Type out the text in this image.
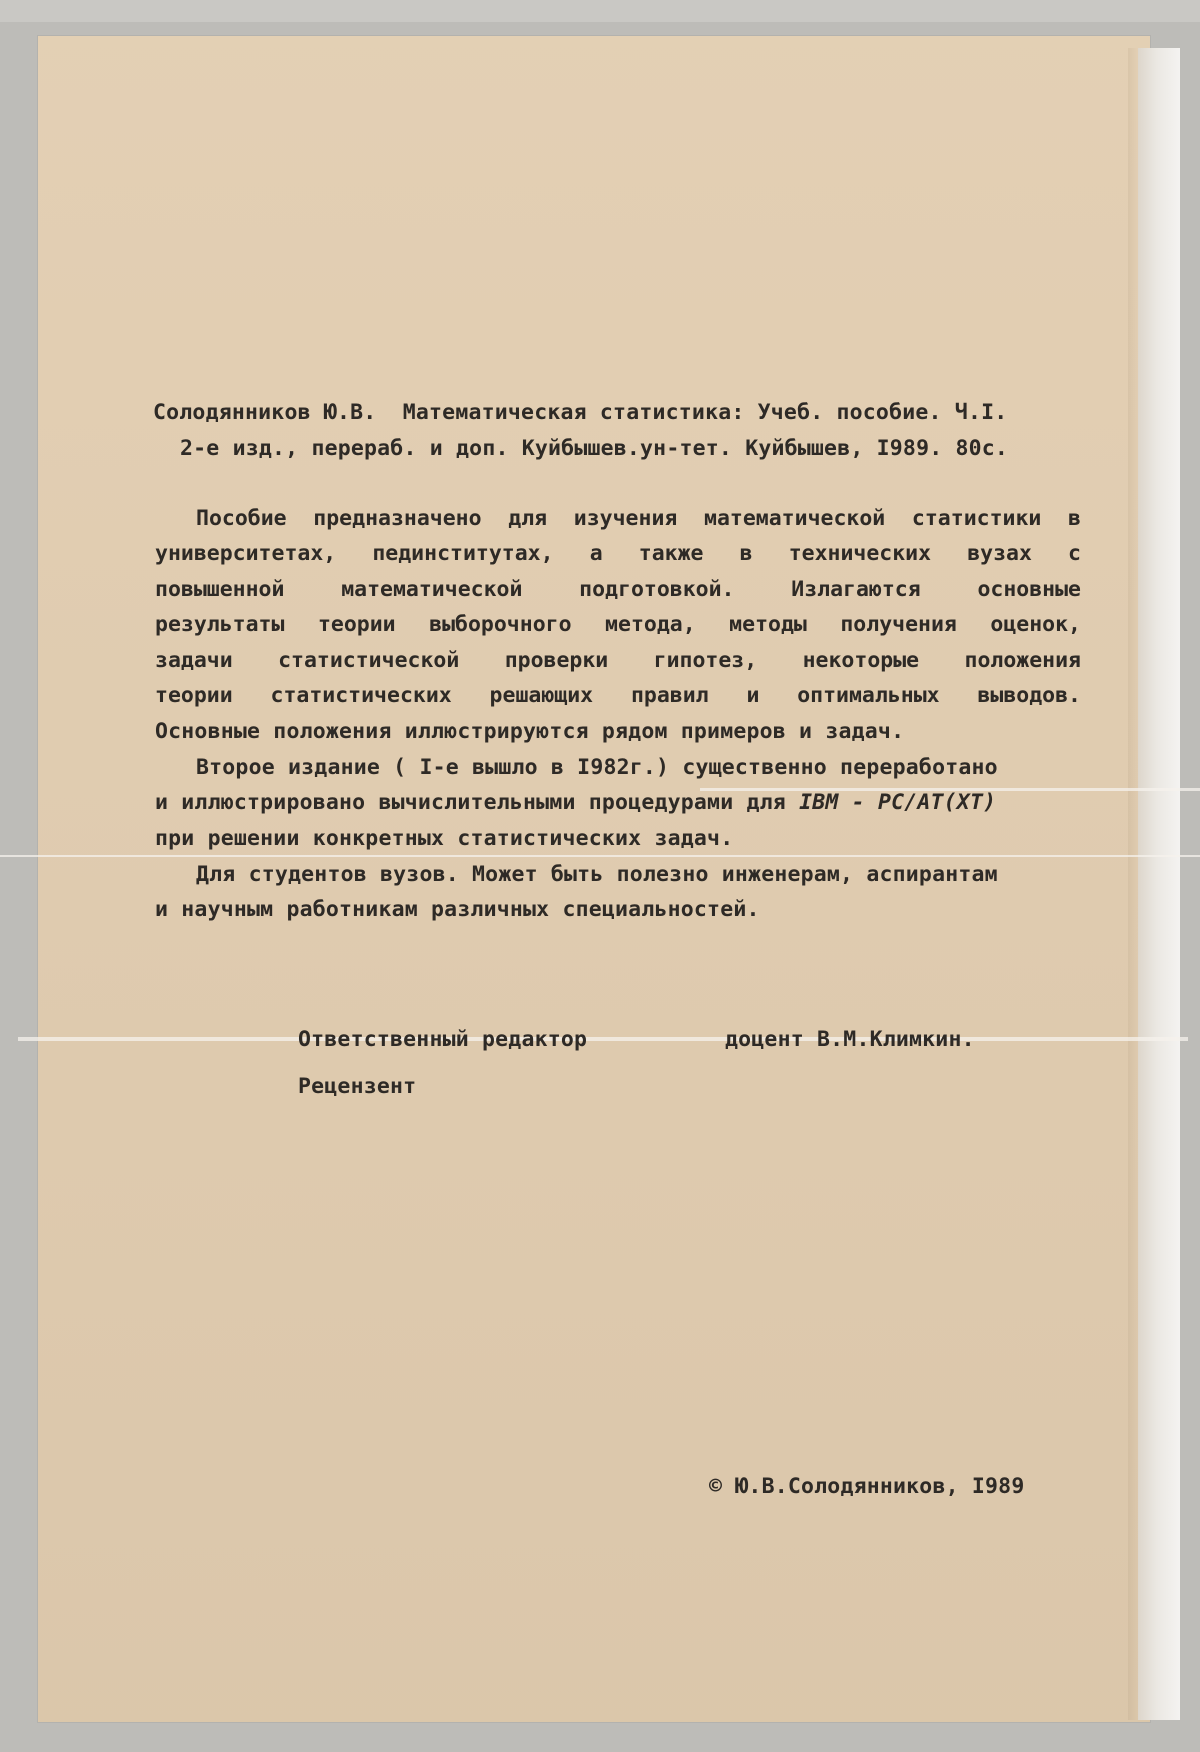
Солодянников Ю.В. Математическая статистика: Учеб. пособие. Ч.I.
2-е изд., перераб. и доп. Куйбышев.ун-тет. Куйбышев, I989. 80с.
Пособие предназначено для изучения математической статистики в
университетах, пединститутах, а также в технических вузах с
повышенной математической подготовкой. Излагаются основные
результаты теории выборочного метода, методы получения оценок,
задачи статистической проверки гипотез, некоторые положения
теории статистических решающих правил и оптимальных выводов.
Основные положения иллюстрируются рядом примеров и задач.
Второе издание ( I-е вышло в I982г.) существенно переработано
и иллюстрировано вычислительными процедурами для IBM - PC/AT(XT)
при решении конкретных статистических задач.
Для студентов вузов. Может быть полезно инженерам, аспирантам
и научным работникам различных специальностей.
Ответственный редактор	доцент В.М.Климкин.
Рецензент
© Ю.В.Солодянников, I989
